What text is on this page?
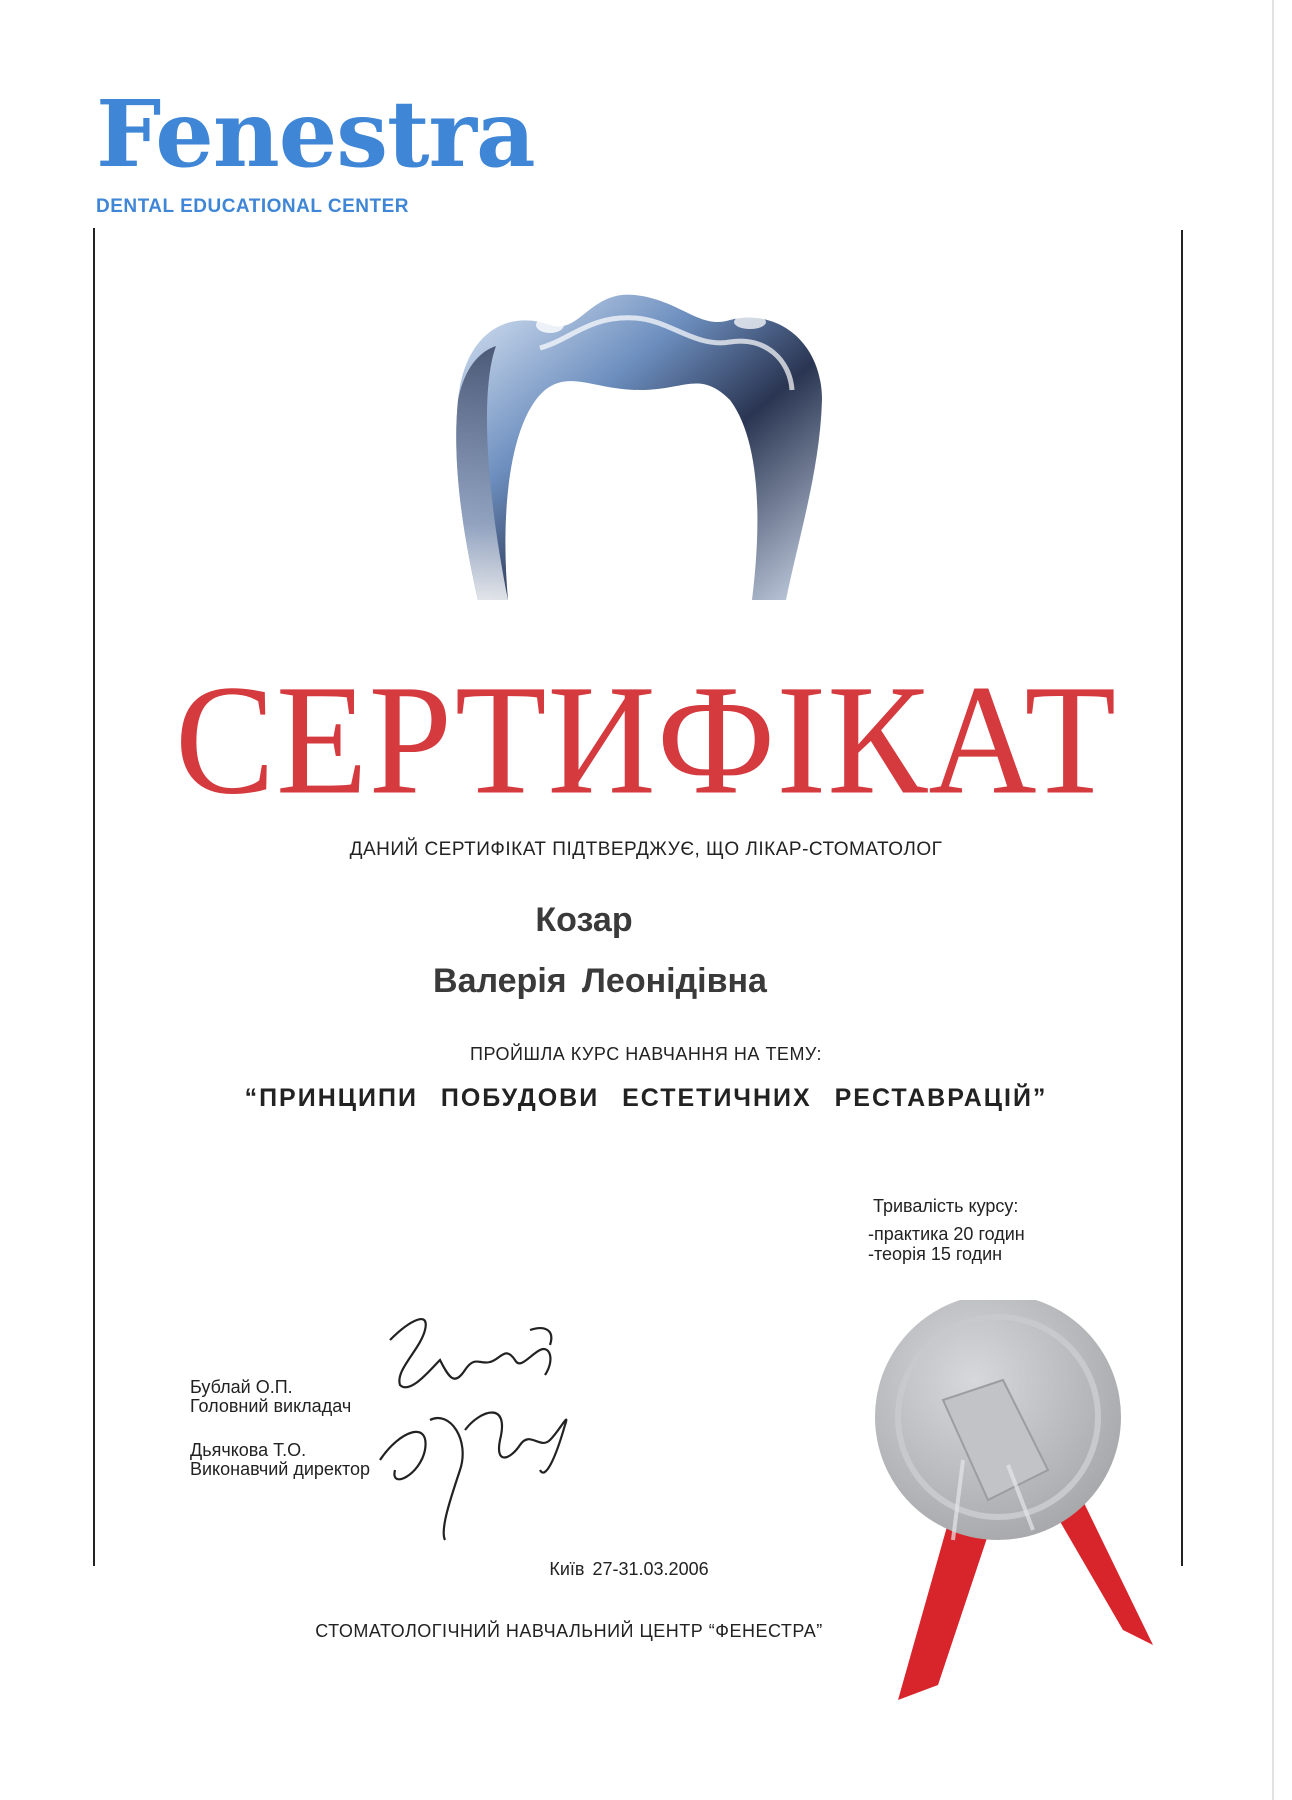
Fenestra
DENTAL EDUCATIONAL CENTER
СЕРТИФІКАТ
ДАНИЙ СЕРТИФІКАТ ПІДТВЕРДЖУЄ, ЩО ЛІКАР-СТОМАТОЛОГ
Козар
Валерія Леонідівна
ПРОЙШЛА КУРС НАВЧАННЯ НА ТЕМУ:
“ПРИНЦИПИ ПОБУДОВИ ЕСТЕТИЧНИХ РЕСТАВРАЦІЙ”
Тривалість курсу:
-практика 20 годин
-теорія 15 годин
Бублай О.П.
Головний викладач
Дьячкова Т.О.
Виконавчий директор
Київ 27-31.03.2006
СТОМАТОЛОГІЧНИЙ НАВЧАЛЬНИЙ ЦЕНТР “ФЕНЕСТРА”
